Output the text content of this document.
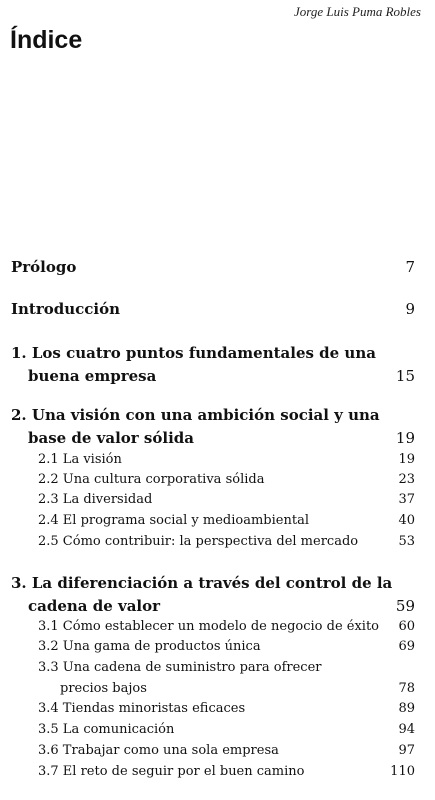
Jorge Luis Puma Robles
Índice
Prólogo	7
Introducción	9
1. Los cuatro puntos fundamentales de una
buena empresa	15
2. Una visión con una ambición social y una
base de valor sólida	19
2.1 La visión	19
2.2 Una cultura corporativa sólida	23
2.3 La diversidad	37
2.4 El programa social y medioambiental	40
2.5 Cómo contribuir: la perspectiva del mercado	53
3. La diferenciación a través del control de la
cadena de valor	59
3.1 Cómo establecer un modelo de negocio de éxito 60
3.2 Una gama de productos única	69
3.3 Una cadena de suministro para ofrecer
precios bajos	78
3.4 Tiendas minoristas eficaces	89
3.5 La comunicación	94
3.6 Trabajar como una sola empresa	97
3.7 El reto de seguir por el buen camino	110
